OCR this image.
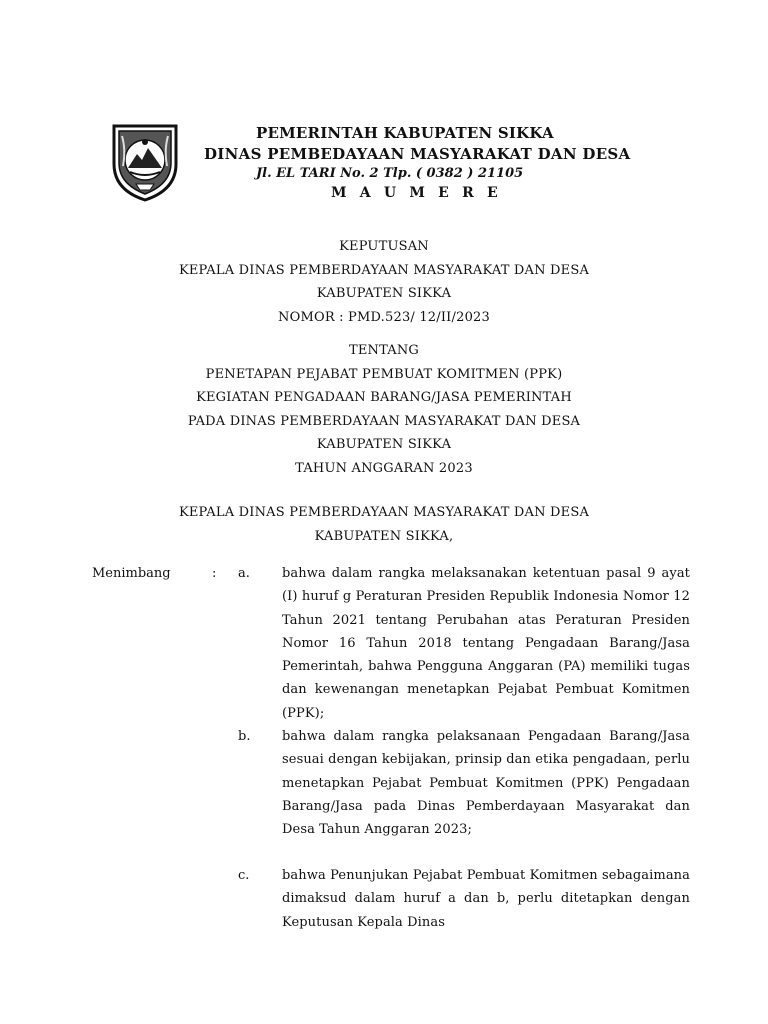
PEMERINTAH KABUPATEN SIKKA
DINAS PEMBEDAYAAN MASYARAKAT DAN DESA
Jl. EL TARI No. 2 Tlp. ( 0382 ) 21105
M A U M E R E
KEPUTUSAN
KEPALA DINAS PEMBERDAYAAN MASYARAKAT DAN DESA
KABUPATEN SIKKA
NOMOR : PMD.523/ 12/II/2023
TENTANG
PENETAPAN PEJABAT PEMBUAT KOMITMEN (PPK)
KEGIATAN PENGADAAN BARANG/JASA PEMERINTAH
PADA DINAS PEMBERDAYAAN MASYARAKAT DAN DESA
KABUPATEN SIKKA
TAHUN ANGGARAN 2023
KEPALA DINAS PEMBERDAYAAN MASYARAKAT DAN DESA
KABUPATEN SIKKA,
Menimbang	: a. bahwa dalam rangka melaksanakan ketentuan pasal 9 ayat (I) huruf g Peraturan Presiden Republik Indonesia Nomor 12 Tahun 2021 tentang Perubahan atas Peraturan Presiden Nomor 16 Tahun 2018 tentang Pengadaan Barang/Jasa Pemerintah, bahwa Pengguna Anggaran (PA) memiliki tugas dan kewenangan menetapkan Pejabat Pembuat Komitmen (PPK);
b. bahwa dalam rangka pelaksanaan Pengadaan Barang/Jasa sesuai dengan kebijakan, prinsip dan etika pengadaan, perlu menetapkan Pejabat Pembuat Komitmen (PPK) Pengadaan Barang/Jasa pada Dinas Pemberdayaan Masyarakat dan Desa Tahun Anggaran 2023;
c.	bahwa Penunjukan Pejabat Pembuat Komitmen sebagaimana dimaksud dalam huruf a dan b, perlu ditetapkan dengan Keputusan Kepala Dinas
